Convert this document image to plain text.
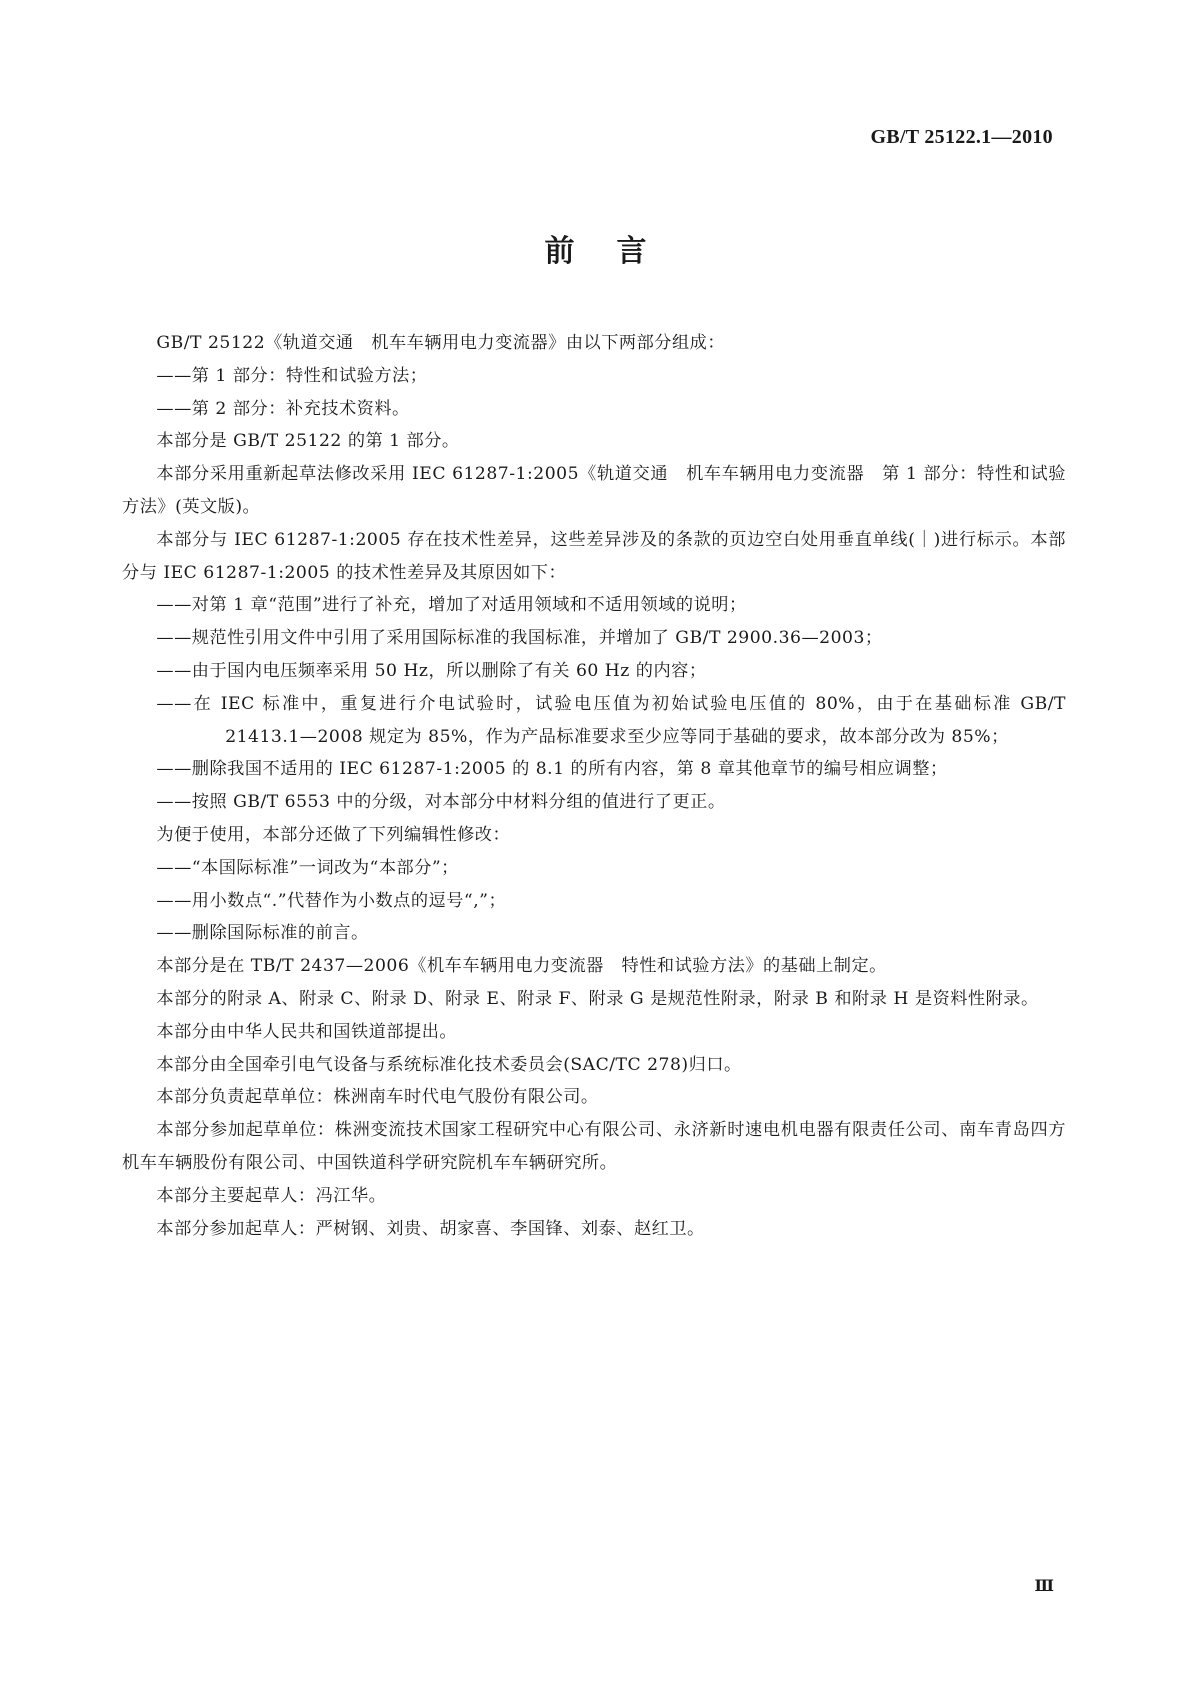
GB/T 25122.1—2010
前言

GB/T 25122《轨道交通　机车车辆用电力变流器》由以下两部分组成：

——第 1 部分：特性和试验方法；

——第 2 部分：补充技术资料。

本部分是 GB/T 25122 的第 1 部分。

本部分采用重新起草法修改采用 IEC 61287-1:2005《轨道交通　机车车辆用电力变流器　第 1 部分：特性和试验方法》(英文版)。

本部分与 IEC 61287-1:2005 存在技术性差异，这些差异涉及的条款的页边空白处用垂直单线(｜)进行标示。本部分与 IEC 61287-1:2005 的技术性差异及其原因如下：

——对第 1 章“范围”进行了补充，增加了对适用领域和不适用领域的说明；

——规范性引用文件中引用了采用国际标准的我国标准，并增加了 GB/T 2900.36—2003；

——由于国内电压频率采用 50 Hz，所以删除了有关 60 Hz 的内容；

——在 IEC 标准中，重复进行介电试验时，试验电压值为初始试验电压值的 80%，由于在基础标准 GB/T 21413.1—2008 规定为 85%，作为产品标准要求至少应等同于基础的要求，故本部分改为 85%；

——删除我国不适用的 IEC 61287-1:2005 的 8.1 的所有内容，第 8 章其他章节的编号相应调整；

——按照 GB/T 6553 中的分级，对本部分中材料分组的值进行了更正。

为便于使用，本部分还做了下列编辑性修改：

——“本国际标准”一词改为“本部分”；

——用小数点“.”代替作为小数点的逗号“,”；

——删除国际标准的前言。

本部分是在 TB/T 2437—2006《机车车辆用电力变流器　特性和试验方法》的基础上制定。

本部分的附录 A、附录 C、附录 D、附录 E、附录 F、附录 G 是规范性附录，附录 B 和附录 H 是资料性附录。

本部分由中华人民共和国铁道部提出。

本部分由全国牵引电气设备与系统标准化技术委员会(SAC/TC 278)归口。

本部分负责起草单位：株洲南车时代电气股份有限公司。

本部分参加起草单位：株洲变流技术国家工程研究中心有限公司、永济新时速电机电器有限责任公司、南车青岛四方机车车辆股份有限公司、中国铁道科学研究院机车车辆研究所。

本部分主要起草人：冯江华。

本部分参加起草人：严树钢、刘贵、胡家喜、李国锋、刘泰、赵红卫。

Ⅲ
